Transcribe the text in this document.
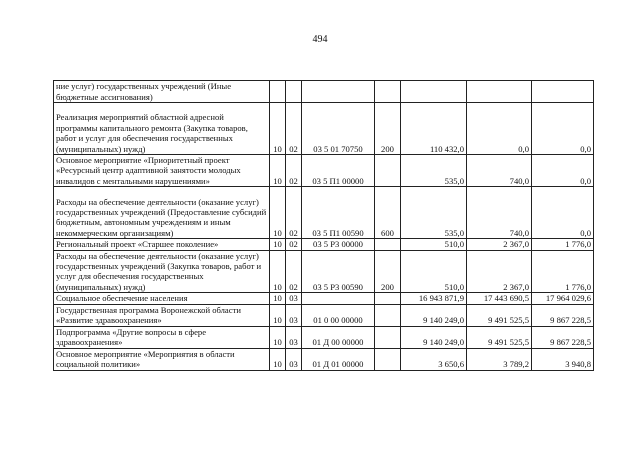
494
ние услуг) государственных учреждений (Иные бюджетные ассигнования)							
Реализация мероприятий областной адресной программы капитального ремонта (Закупка товаров, работ и услуг для обеспечения государственных (муниципальных) нужд)	10	02	03 5 01 70750	200	110 432,0	0,0	0,0
Основное мероприятие «Приоритетный проект «Ресурсный центр адаптивной занятости молодых инвалидов с ментальными нарушениями»	10	02	03 5 П1 00000		535,0	740,0	0,0
Расходы на обеспечение деятельности (оказание услуг) государственных учреждений (Предоставление субсидий бюджетным, автономным учреждениям и иным некоммерческим организациям)	10	02	03 5 П1 00590	600	535,0	740,0	0,0
Региональный проект «Старшее поколение»	10	02	03 5 Р3 00000		510,0	2 367,0	1 776,0
Расходы на обеспечение деятельности (оказание услуг) государственных учреждений (Закупка товаров, работ и услуг для обеспечения государственных (муниципальных) нужд)	10	02	03 5 Р3 00590	200	510,0	2 367,0	1 776,0
Социальное обеспечение населения	10	03			16 943 871,9	17 443 690,5	17 964 029,6
Государственная программа Воронежской области «Развитие здравоохранения»	10	03	01 0 00 00000		9 140 249,0	9 491 525,5	9 867 228,5
Подпрограмма «Другие вопросы в сфере здравоохранения»	10	03	01 Д 00 00000		9 140 249,0	9 491 525,5	9 867 228,5
Основное мероприятие «Мероприятия в области социальной политики»	10	03	01 Д 01 00000		3 650,6	3 789,2	3 940,8
